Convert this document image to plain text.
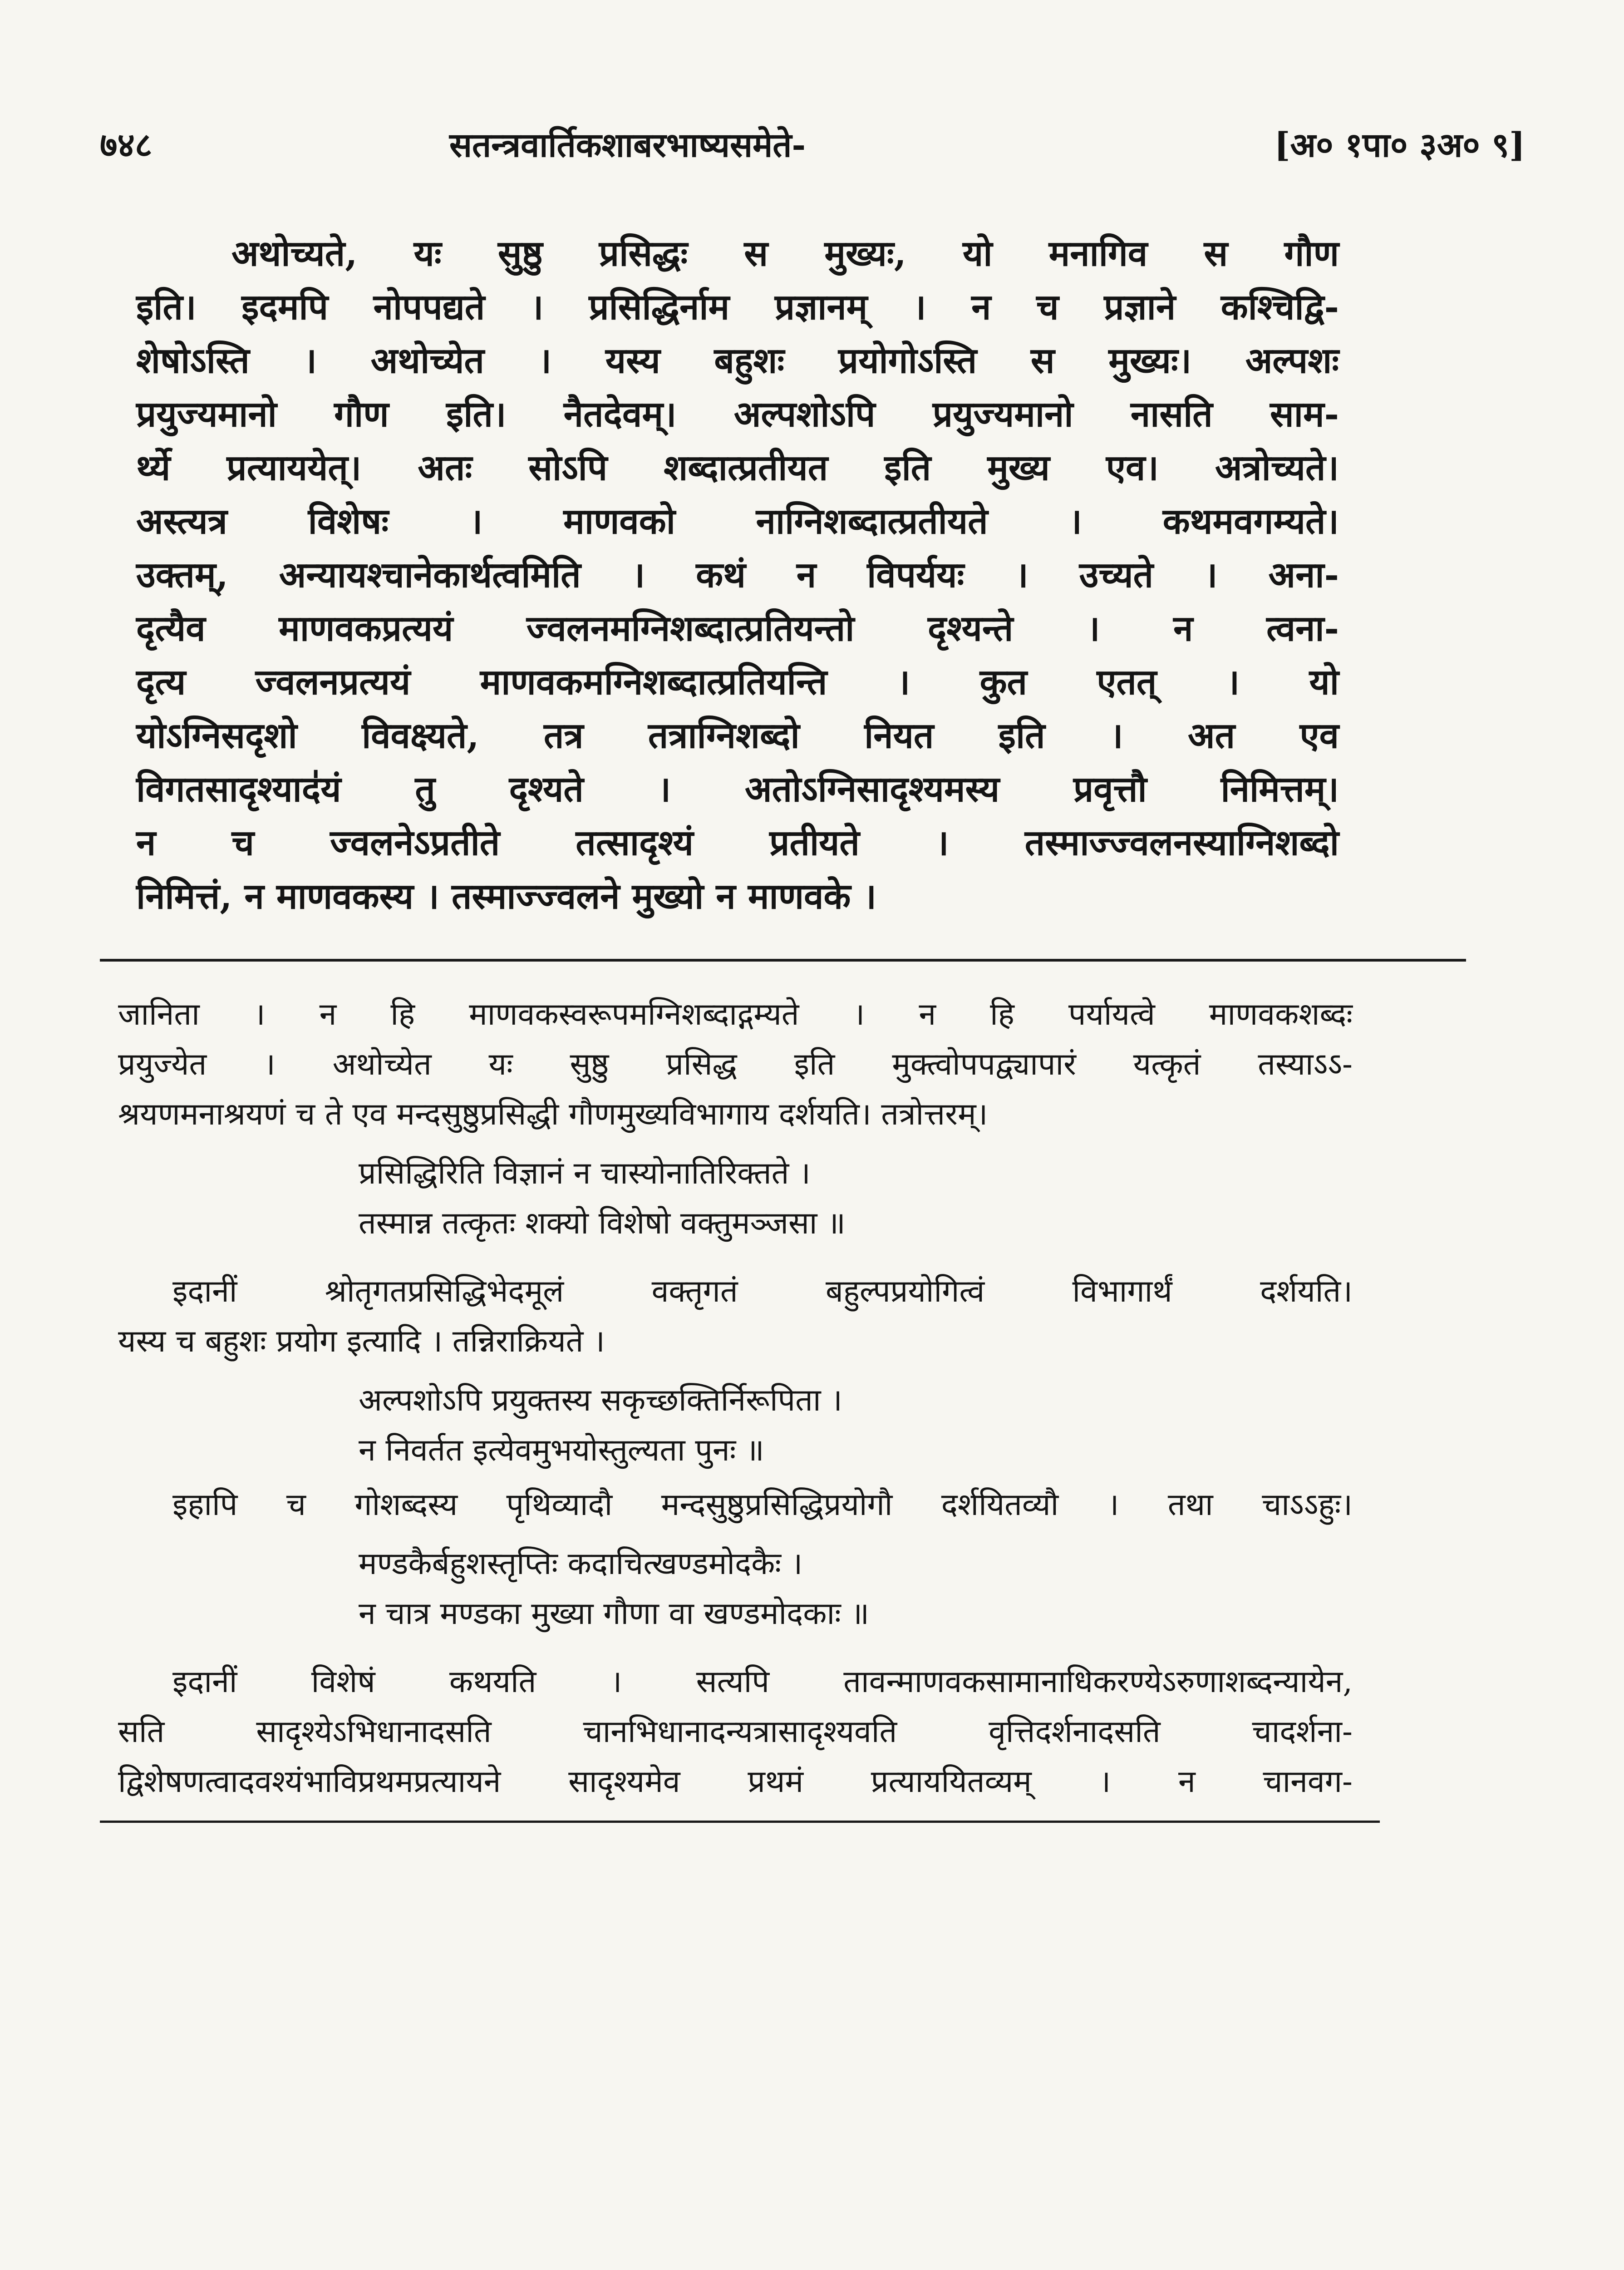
७४८	सतन्त्रवार्तिकशाबरभाष्यसमेते-	[अ० १पा० ३अ० ९]
अथोच्यते, यः सुष्ठु प्रसिद्धः स मुख्यः, यो मनागिव स गौण
इति। इदमपि नोपपद्यते । प्रसिद्धिर्नाम प्रज्ञानम् । न च प्रज्ञाने कश्चिद्वि-
शेषोऽस्ति । अथोच्येत । यस्य बहुशः प्रयोगोऽस्ति स मुख्यः। अल्पशः
प्रयुज्यमानो गौण इति। नैतदेवम्। अल्पशोऽपि प्रयुज्यमानो नासति साम-
र्थ्ये प्रत्याययेत्। अतः सोऽपि शब्दात्प्रतीयत इति मुख्य एव। अत्रोच्यते।
अस्त्यत्र विशेषः । माणवको नाग्निशब्दात्प्रतीयते । कथमवगम्यते।
उक्तम्, अन्यायश्चानेकार्थत्वमिति । कथं न विपर्ययः । उच्यते । अना-
दृत्यैव माणवकप्रत्ययं ज्वलनमग्निशब्दात्प्रतियन्तो दृश्यन्ते । न त्वना-
दृत्य ज्वलनप्रत्ययं माणवकमग्निशब्दात्प्रतियन्ति । कुत एतत् । यो
योऽग्निसदृशो विवक्ष्यते, तत्र तत्राग्निशब्दो नियत इति । अत एव
विगतसादृश्याद॑यं तु दृश्यते । अतोऽग्निसादृश्यमस्य प्रवृत्तौ निमित्तम्।
न च ज्वलनेऽप्रतीते तत्सादृश्यं प्रतीयते । तस्माज्ज्वलनस्याग्निशब्दो
निमित्तं, न माणवकस्य । तस्माज्ज्वलने मुख्यो न माणवके ।
जानिता । न हि माणवकस्वरूपमग्निशब्दाद्गम्यते । न हि पर्यायत्वे माणवकशब्दः
प्रयुज्येत । अथोच्येत यः सुष्ठु प्रसिद्ध इति मुक्त्वोपपद्व्यापारं यत्कृतं तस्याऽऽ-
श्रयणमनाश्रयणं च ते एव मन्दसुष्ठुप्रसिद्धी गौणमुख्यविभागाय दर्शयति। तत्रोत्तरम्।
प्रसिद्धिरिति विज्ञानं न चास्योनातिरिक्तते ।
तस्मान्न तत्कृतः शक्यो विशेषो वक्तुमञ्जसा ॥
इदानीं श्रोतृगतप्रसिद्धिभेदमूलं वक्तृगतं बहुल्पप्रयोगित्वं विभागार्थं दर्शयति।
यस्य च बहुशः प्रयोग इत्यादि । तन्निराक्रियते ।
अल्पशोऽपि प्रयुक्तस्य सकृच्छक्तिर्निरूपिता ।
न निवर्तत इत्येवमुभयोस्तुल्यता पुनः ॥
इहापि च गोशब्दस्य पृथिव्यादौ मन्दसुष्ठुप्रसिद्धिप्रयोगौ दर्शयितव्यौ । तथा चाऽऽहुः।
मण्डकैर्बहुशस्तृप्तिः कदाचित्खण्डमोदकैः ।
न चात्र मण्डका मुख्या गौणा वा खण्डमोदकाः ॥
इदानीं विशेषं कथयति । सत्यपि तावन्माणवकसामानाधिकरण्येऽरुणाशब्दन्यायेन,
सति सादृश्येऽभिधानादसति चानभिधानादन्यत्रासादृश्यवति वृत्तिदर्शनादसति चादर्शना-
द्विशेषणत्वादवश्यंभाविप्रथमप्रत्यायने सादृश्यमेव प्रथमं प्रत्याययितव्यम् । न चानवग-
